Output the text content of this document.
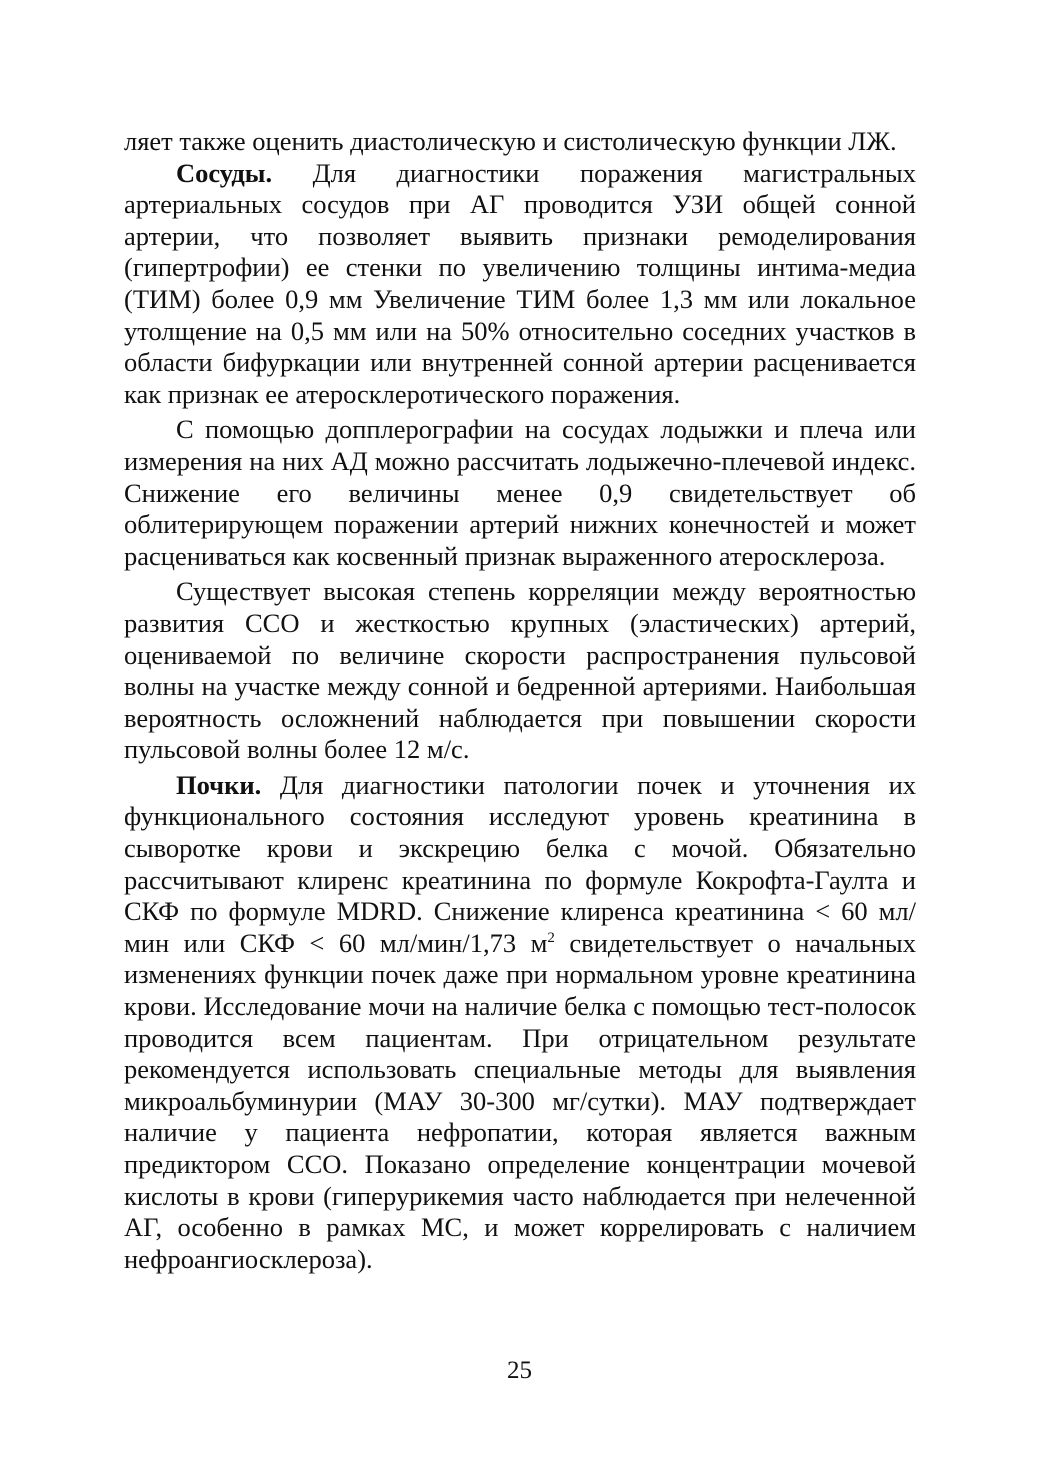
ляет также оценить диастолическую и систолическую функции ЛЖ.

Сосуды. Для диагностики поражения магистральных артериальных сосудов при АГ проводится УЗИ общей сонной артерии, что позволяет выявить признаки ремоделирования (гипертрофии) ее стенки по увеличению толщины интима-медиа (ТИМ) более 0,9 мм Увеличение ТИМ более 1,3 мм или локальное утолщение на 0,5 мм или на 50% относительно соседних участков в области бифуркации или внутренней сонной артерии расценивается как признак ее атеросклеротического поражения.

С помощью допплерографии на сосудах лодыжки и плеча или измерения на них АД можно рассчитать лодыжечно-плечевой индекс. Снижение его величины менее 0,9 свидетельствует об облитерирующем поражении артерий нижних конечностей и может расцениваться как косвенный признак выраженного атеросклероза.

Существует высокая степень корреляции между вероятностью развития ССО и жесткостью крупных (эластических) артерий, оцениваемой по величине скорости распространения пульсовой волны на участке между сонной и бедренной артериями. Наибольшая вероятность осложнений наблюдается при повышении скорости пульсовой волны более 12 м/с.

Почки. Для диагностики патологии почек и уточнения их функционального состояния исследуют уровень креатинина в сыворотке крови и экскрецию белка с мочой. Обязательно рассчитывают клиренс креатинина по формуле Кокрофта-Гаулта и СКФ по формуле MDRD. Снижение клиренса креатинина < 60 мл/мин или СКФ < 60 мл/мин/1,73 $м^2$ свидетельствует о начальных изменениях функции почек даже при нормальном уровне креатинина крови. Исследование мочи на наличие белка с помощью тест-полосок проводится всем пациентам. При отрицательном результате рекомендуется использовать специальные методы для выявления микроальбуминурии (МАУ 30-300 мг/сутки). МАУ подтверждает наличие у пациента нефропатии, которая является важным предиктором ССО. Показано определение концентрации мочевой кислоты в крови (гиперурикемия часто наблюдается при нелеченной АГ, особенно в рамках МС, и может коррелировать с наличием нефроангиосклероза).

25
